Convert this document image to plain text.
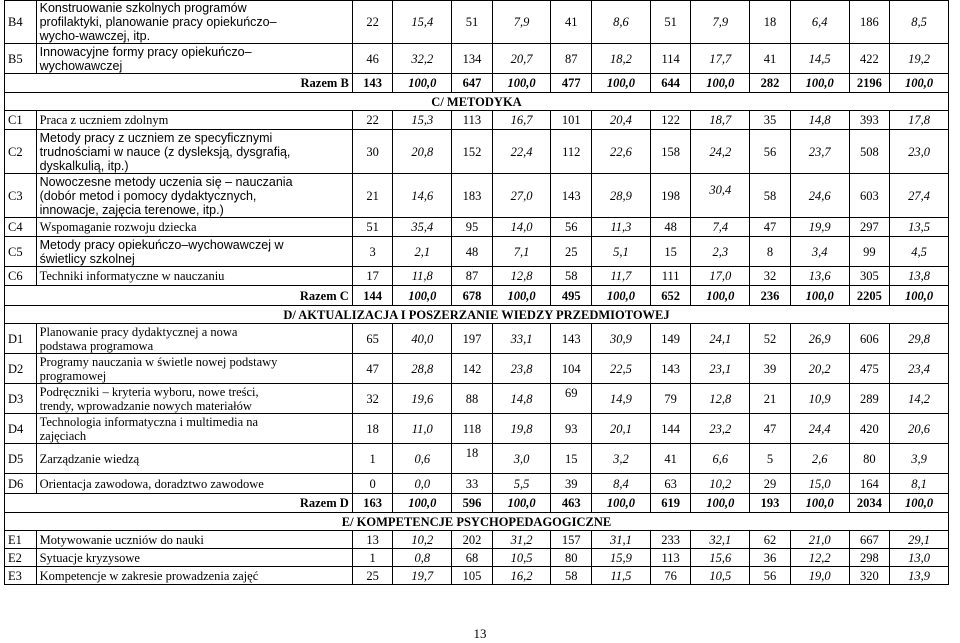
B4	Konstruowanie szkolnych programów
profilaktyki, planowanie pracy opiekuńczo–
wycho-wawczej, itp.	22	15,4	51	7,9	41	8,6	51	7,9	18	6,4	186	8,5
B5	Innowacyjne formy pracy opiekuńczo–
wychowawczej	46	32,2	134	20,7	87	18,2	114	17,7	41	14,5	422	19,2
Razem B		143	100,0	647	100,0	477	100,0	644	100,0	282	100,0	2196	100,0
C/ METODYKA													
C1	Praca z uczniem zdolnym	22	15,3	113	16,7	101	20,4	122	18,7	35	14,8	393	17,8
C2	Metody pracy z uczniem ze specyficznymi
trudnościami w nauce (z dysleksją, dysgrafią,
dyskalkulią, itp.)	30	20,8	152	22,4	112	22,6	158	24,2	56	23,7	508	23,0
C3	Nowoczesne metody uczenia się – nauczania
(dobór metod i pomocy dydaktycznych,
innowacje, zajęcia terenowe, itp.)	21	14,6	183	27,0	143	28,9	198	30,4	58	24,6	603	27,4
C4	Wspomaganie rozwoju dziecka	51	35,4	95	14,0	56	11,3	48	7,4	47	19,9	297	13,5
C5	Metody pracy opiekuńczo–wychowawczej w
świetlicy szkolnej	3	2,1	48	7,1	25	5,1	15	2,3	8	3,4	99	4,5
C6	Techniki informatyczne w nauczaniu	17	11,8	87	12,8	58	11,7	111	17,0	32	13,6	305	13,8
Razem C		144	100,0	678	100,0	495	100,0	652	100,0	236	100,0	2205	100,0
D/ AKTUALIZACJA I POSZERZANIE WIEDZY PRZEDMIOTOWEJ													
D1	Planowanie pracy dydaktycznej a nowa
podstawa programowa	65	40,0	197	33,1	143	30,9	149	24,1	52	26,9	606	29,8
D2	Programy nauczania w świetle nowej podstawy
programowej	47	28,8	142	23,8	104	22,5	143	23,1	39	20,2	475	23,4
D3	Podręczniki – kryteria wyboru, nowe treści,
trendy, wprowadzanie nowych materiałów	32	19,6	88	14,8	69	14,9	79	12,8	21	10,9	289	14,2
D4	Technologia informatyczna i multimedia na
zajęciach	18	11,0	118	19,8	93	20,1	144	23,2	47	24,4	420	20,6
D5	Zarządzanie wiedzą	1	0,6	18	3,0	15	3,2	41	6,6	5	2,6	80	3,9
D6	Orientacja zawodowa, doradztwo zawodowe	0	0,0	33	5,5	39	8,4	63	10,2	29	15,0	164	8,1
Razem D		163	100,0	596	100,0	463	100,0	619	100,0	193	100,0	2034	100,0
E/ KOMPETENCJE PSYCHOPEDAGOGICZNE													
E1	Motywowanie uczniów do nauki	13	10,2	202	31,2	157	31,1	233	32,1	62	21,0	667	29,1
E2	Sytuacje kryzysowe	1	0,8	68	10,5	80	15,9	113	15,6	36	12,2	298	13,0
E3	Kompetencje w zakresie prowadzenia zajęć	25	19,7	105	16,2	58	11,5	76	10,5	56	19,0	320	13,9
13
